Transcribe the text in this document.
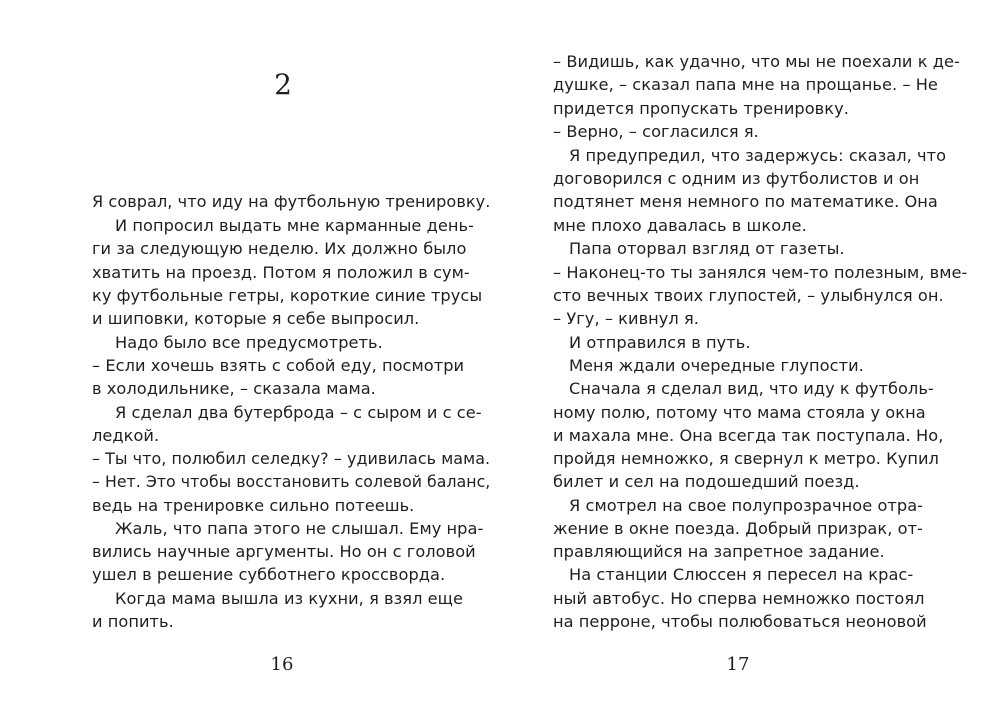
2
Я соврал, что иду на футбольную тренировку.
И попросил выдать мне карманные день-
ги за следующую неделю. Их должно было
хватить на проезд. Потом я положил в сум-
ку футбольные гетры, короткие синие трусы
и шиповки, которые я себе выпросил.
Надо было все предусмотреть.
– Если хочешь взять с собой еду, посмотри
в холодильнике, – сказала мама.
Я сделал два бутерброда – с сыром и с се-
ледкой.
– Ты что, полюбил селедку? – удивилась мама.
– Нет. Это чтобы восстановить солевой баланс,
ведь на тренировке сильно потеешь.
Жаль, что папа этого не слышал. Ему нра-
вились научные аргументы. Но он с головой
ушел в решение субботнего кроссворда.
Когда мама вышла из кухни, я взял еще
и попить.
16
– Видишь, как удачно, что мы не поехали к де-
душке, – сказал папа мне на прощанье. – Не
придется пропускать тренировку.
– Верно, – согласился я.
Я предупредил, что задержусь: сказал, что
договорился с одним из футболистов и он
подтянет меня немного по математике. Она
мне плохо давалась в школе.
Папа оторвал взгляд от газеты.
– Наконец-то ты занялся чем-то полезным, вме-
сто вечных твоих глупостей, – улыбнулся он.
– Угу, – кивнул я.
И отправился в путь.
Меня ждали очередные глупости.
Сначала я сделал вид, что иду к футболь-
ному полю, потому что мама стояла у окна
и махала мне. Она всегда так поступала. Но,
пройдя немножко, я свернул к метро. Купил
билет и сел на подошедший поезд.
Я смотрел на свое полупрозрачное отра-
жение в окне поезда. Добрый призрак, от-
правляющийся на запретное задание.
На станции Слюссен я пересел на крас-
ный автобус. Но сперва немножко постоял
на перроне, чтобы полюбоваться неоновой
17
